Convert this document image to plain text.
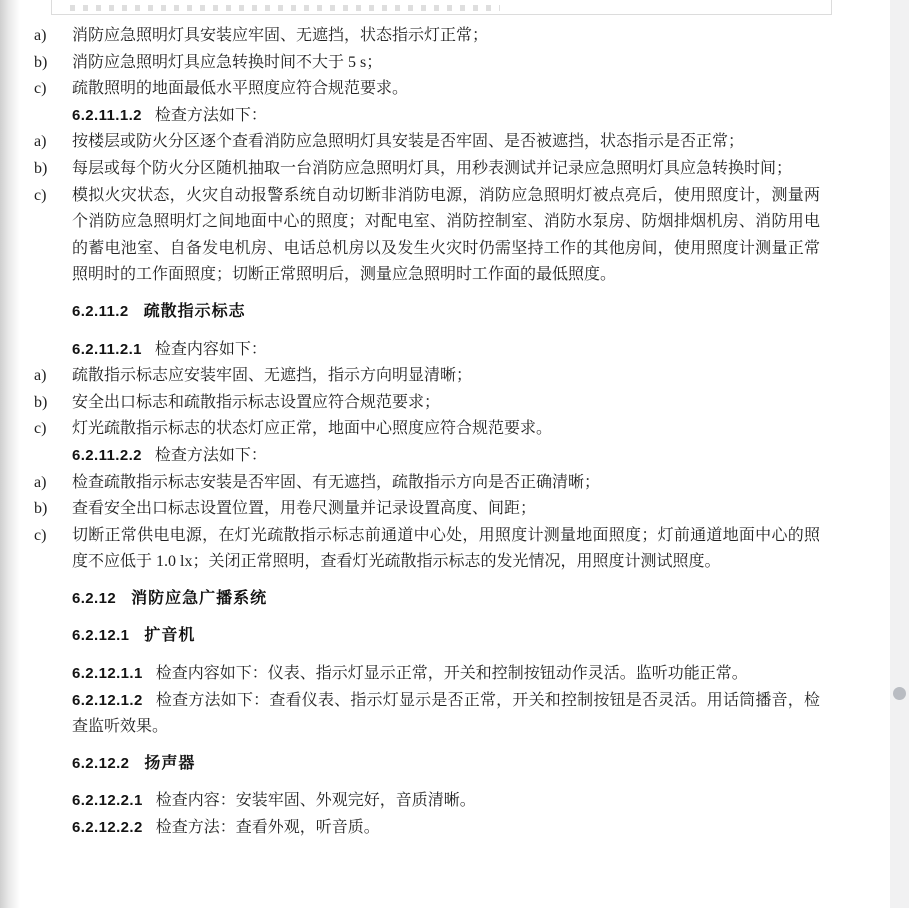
a) 消防应急照明灯具安装应牢固、无遮挡，状态指示灯正常；

b) 消防应急照明灯具应急转换时间不大于 5 s；

c) 疏散照明的地面最低水平照度应符合规范要求。

6.2.11.1.2 检查方法如下：

a) 按楼层或防火分区逐个查看消防应急照明灯具安装是否牢固、是否被遮挡，状态指示是否正常；

b) 每层或每个防火分区随机抽取一台消防应急照明灯具，用秒表测试并记录应急照明灯具应急转换时间；

c) 模拟火灾状态，火灾自动报警系统自动切断非消防电源，消防应急照明灯被点亮后，使用照度计，测量两个消防应急照明灯之间地面中心的照度；对配电室、消防控制室、消防水泵房、防烟排烟机房、消防用电的蓄电池室、自备发电机房、电话总机房以及发生火灾时仍需坚持工作的其他房间，使用照度计测量正常照明时的工作面照度；切断正常照明后，测量应急照明时工作面的最低照度。

6.2.11.2 疏散指示标志

6.2.11.2.1 检查内容如下：

a) 疏散指示标志应安装牢固、无遮挡，指示方向明显清晰；

b) 安全出口标志和疏散指示标志设置应符合规范要求；

c) 灯光疏散指示标志的状态灯应正常，地面中心照度应符合规范要求。

6.2.11.2.2 检查方法如下：

a) 检查疏散指示标志安装是否牢固、有无遮挡，疏散指示方向是否正确清晰；

b) 查看安全出口标志设置位置，用卷尺测量并记录设置高度、间距；

c) 切断正常供电电源，在灯光疏散指示标志前通道中心处，用照度计测量地面照度；灯前通道地面中心的照度不应低于 1.0 lx；关闭正常照明，查看灯光疏散指示标志的发光情况，用照度计测试照度。

6.2.12 消防应急广播系统

6.2.12.1 扩音机

6.2.12.1.1 检查内容如下：仪表、指示灯显示正常，开关和控制按钮动作灵活。监听功能正常。

6.2.12.1.2 检查方法如下：查看仪表、指示灯显示是否正常，开关和控制按钮是否灵活。用话筒播音，检查监听效果。

6.2.12.2 扬声器

6.2.12.2.1 检查内容：安装牢固、外观完好，音质清晰。

6.2.12.2.2 检查方法：查看外观，听音质。
